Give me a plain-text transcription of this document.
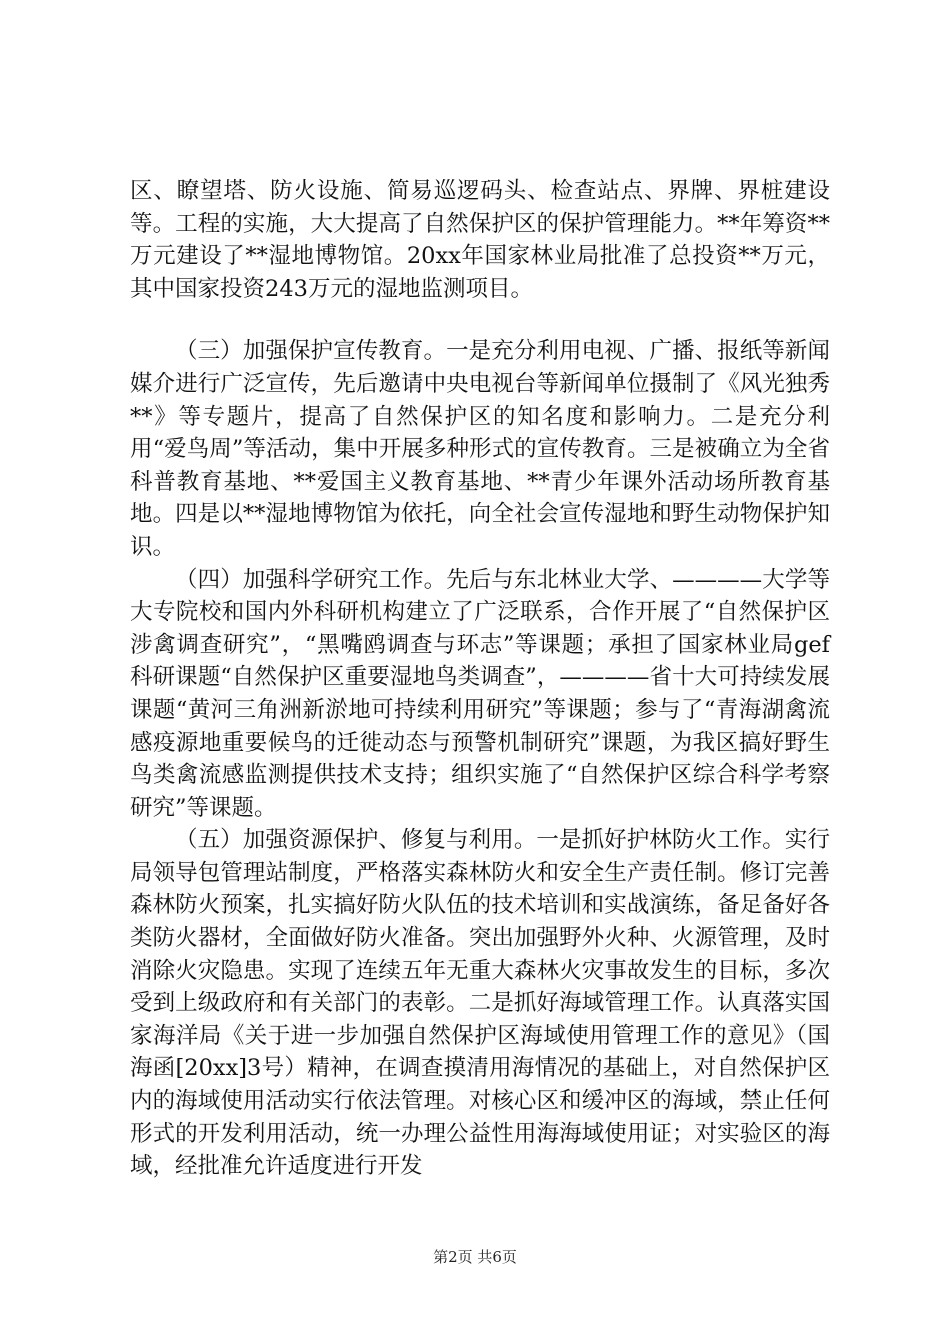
区、瞭望塔、防火设施、简易巡逻码头、检查站点、界牌、界桩建设等。工程的实施，大大提高了自然保护区的保护管理能力。**年筹资**万元建设了**湿地博物馆。20xx年国家林业局批准了总投资**万元，其中国家投资243万元的湿地监测项目。

（三）加强保护宣传教育。一是充分利用电视、广播、报纸等新闻媒介进行广泛宣传，先后邀请中央电视台等新闻单位摄制了《风光独秀**》等专题片，提高了自然保护区的知名度和影响力。二是充分利用“爱鸟周”等活动，集中开展多种形式的宣传教育。三是被确立为全省科普教育基地、**爱国主义教育基地、**青少年课外活动场所教育基地。四是以**湿地博物馆为依托，向全社会宣传湿地和野生动物保护知识。

（四）加强科学研究工作。先后与东北林业大学、————大学等大专院校和国内外科研机构建立了广泛联系，合作开展了“自然保护区涉禽调查研究”，“黑嘴鸥调查与环志”等课题；承担了国家林业局gef科研课题“自然保护区重要湿地鸟类调查”，————省十大可持续发展课题“黄河三角洲新淤地可持续利用研究”等课题；参与了“青海湖禽流感疫源地重要候鸟的迁徙动态与预警机制研究”课题，为我区搞好野生鸟类禽流感监测提供技术支持；组织实施了“自然保护区综合科学考察研究”等课题。

（五）加强资源保护、修复与利用。一是抓好护林防火工作。实行局领导包管理站制度，严格落实森林防火和安全生产责任制。修订完善森林防火预案，扎实搞好防火队伍的技术培训和实战演练，备足备好各类防火器材，全面做好防火准备。突出加强野外火种、火源管理，及时消除火灾隐患。实现了连续五年无重大森林火灾事故发生的目标，多次受到上级政府和有关部门的表彰。二是抓好海域管理工作。认真落实国家海洋局《关于进一步加强自然保护区海域使用管理工作的意见》（国海函[20xx]3号）精神，在调查摸清用海情况的基础上，对自然保护区内的海域使用活动实行依法管理。对核心区和缓冲区的海域，禁止任何形式的开发利用活动，统一办理公益性用海海域使用证；对实验区的海域，经批准允许适度进行开发

第2页 共6页
